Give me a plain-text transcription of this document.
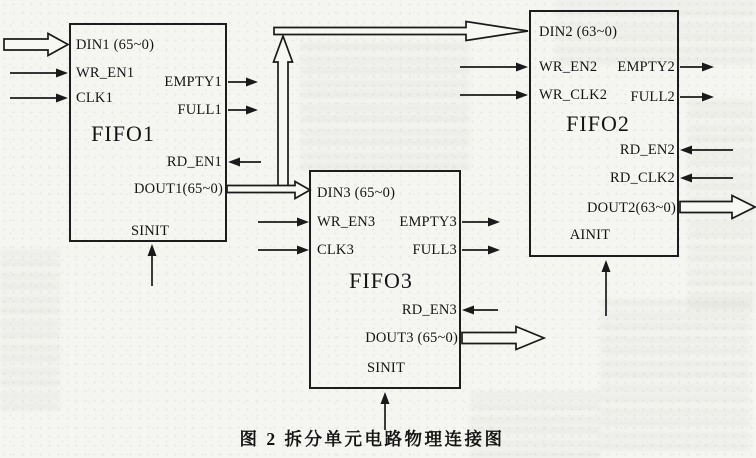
DIN1 (65~0)
WR_EN1
CLK1
EMPTY1
FULL1
FIFO1
RD_EN1
DOUT1(65~0)
SINIT
DIN2 (63~0)
WR_EN2
WR_CLK2
EMPTY2
FULL2
FIFO2
RD_EN2
RD_CLK2
DOUT2(63~0)
AINIT
DIN3 (65~0)
WR_EN3
CLK3
EMPTY3
FULL3
FIFO3
RD_EN3
DOUT3 (65~0)
SINIT
图 2 拆分单元电路物理连接图
